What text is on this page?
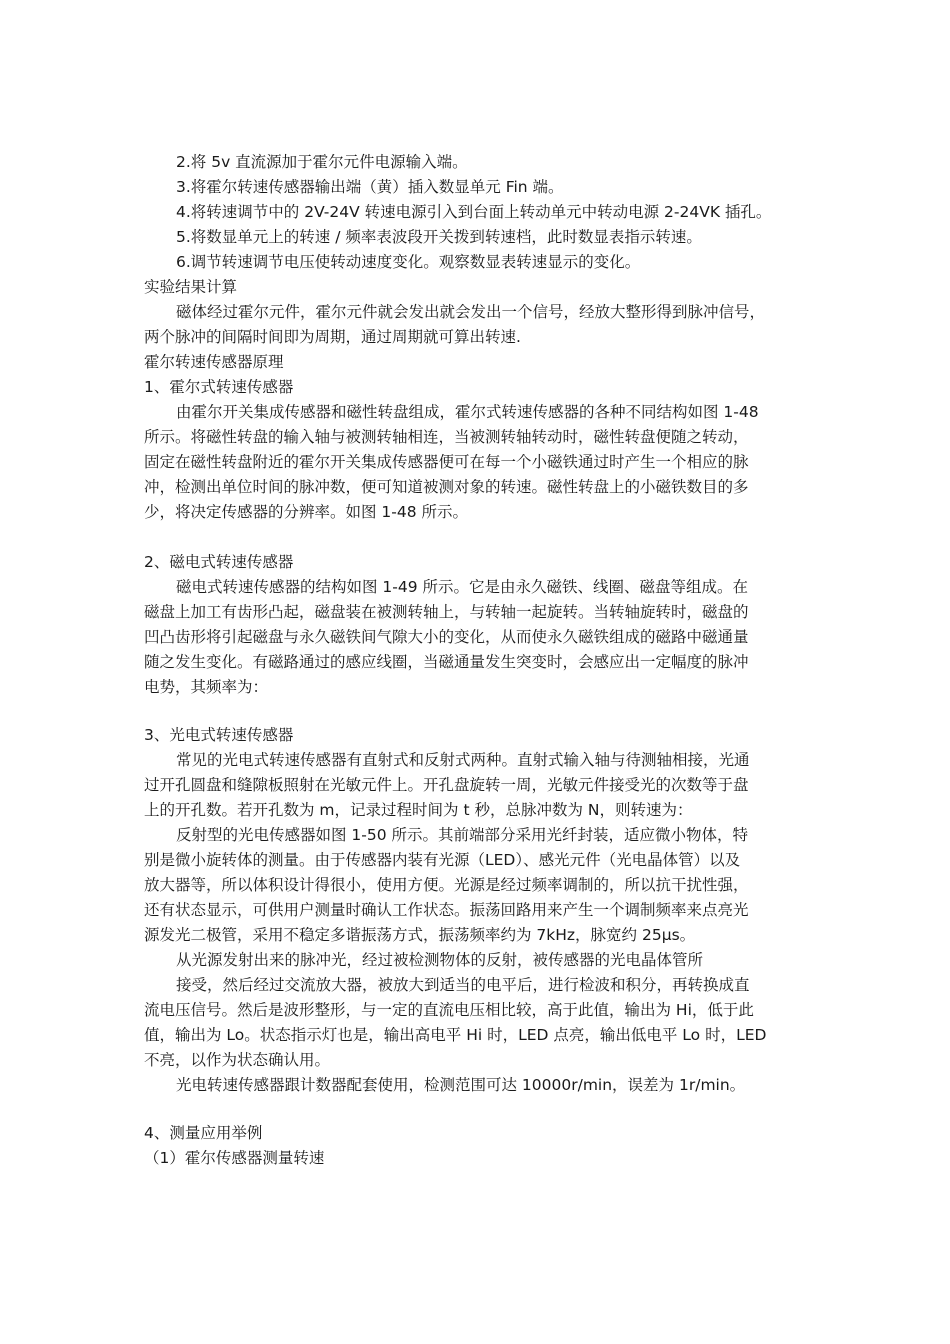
2.将 5v 直流源加于霍尔元件电源输入端。
3.将霍尔转速传感器输出端（黄）插入数显单元 Fin 端。
4.将转速调节中的 2V-24V 转速电源引入到台面上转动单元中转动电源 2-24VK 插孔。
5.将数显单元上的转速 / 频率表波段开关拨到转速档，此时数显表指示转速。
6.调节转速调节电压使转动速度变化。观察数显表转速显示的变化。
实验结果计算
磁体经过霍尔元件，霍尔元件就会发出就会发出一个信号，经放大整形得到脉冲信号，
两个脉冲的间隔时间即为周期，通过周期就可算出转速.
霍尔转速传感器原理
1、霍尔式转速传感器
由霍尔开关集成传感器和磁性转盘组成，霍尔式转速传感器的各种不同结构如图 1-48
所示。将磁性转盘的输入轴与被测转轴相连，当被测转轴转动时，磁性转盘便随之转动，
固定在磁性转盘附近的霍尔开关集成传感器便可在每一个小磁铁通过时产生一个相应的脉
冲，检测出单位时间的脉冲数，便可知道被测对象的转速。磁性转盘上的小磁铁数目的多
少，将决定传感器的分辨率。如图 1-48 所示。
2、磁电式转速传感器
磁电式转速传感器的结构如图 1-49 所示。它是由永久磁铁、线圈、磁盘等组成。在
磁盘上加工有齿形凸起，磁盘装在被测转轴上，与转轴一起旋转。当转轴旋转时，磁盘的
凹凸齿形将引起磁盘与永久磁铁间气隙大小的变化，从而使永久磁铁组成的磁路中磁通量
随之发生变化。有磁路通过的感应线圈，当磁通量发生突变时，会感应出一定幅度的脉冲
电势，其频率为：
3、光电式转速传感器
常见的光电式转速传感器有直射式和反射式两种。直射式输入轴与待测轴相接，光通
过开孔圆盘和缝隙板照射在光敏元件上。开孔盘旋转一周，光敏元件接受光的次数等于盘
上的开孔数。若开孔数为 m，记录过程时间为 t 秒，总脉冲数为 N，则转速为：
反射型的光电传感器如图 1-50 所示。其前端部分采用光纤封装，适应微小物体，特
别是微小旋转体的测量。由于传感器内装有光源（LED）、感光元件（光电晶体管）以及
放大器等，所以体积设计得很小，使用方便。光源是经过频率调制的，所以抗干扰性强，
还有状态显示，可供用户测量时确认工作状态。振荡回路用来产生一个调制频率来点亮光
源发光二极管，采用不稳定多谐振荡方式，振荡频率约为 7kHz，脉宽约 25μs。
从光源发射出来的脉冲光，经过被检测物体的反射，被传感器的光电晶体管所
接受，然后经过交流放大器，被放大到适当的电平后，进行检波和积分，再转换成直
流电压信号。然后是波形整形，与一定的直流电压相比较，高于此值，输出为 Hi，低于此
值，输出为 Lo。状态指示灯也是，输出高电平 Hi 时，LED 点亮，输出低电平 Lo 时，LED
不亮，以作为状态确认用。
光电转速传感器跟计数器配套使用，检测范围可达 10000r/min，误差为 1r/min。
4、测量应用举例
（1）霍尔传感器测量转速
